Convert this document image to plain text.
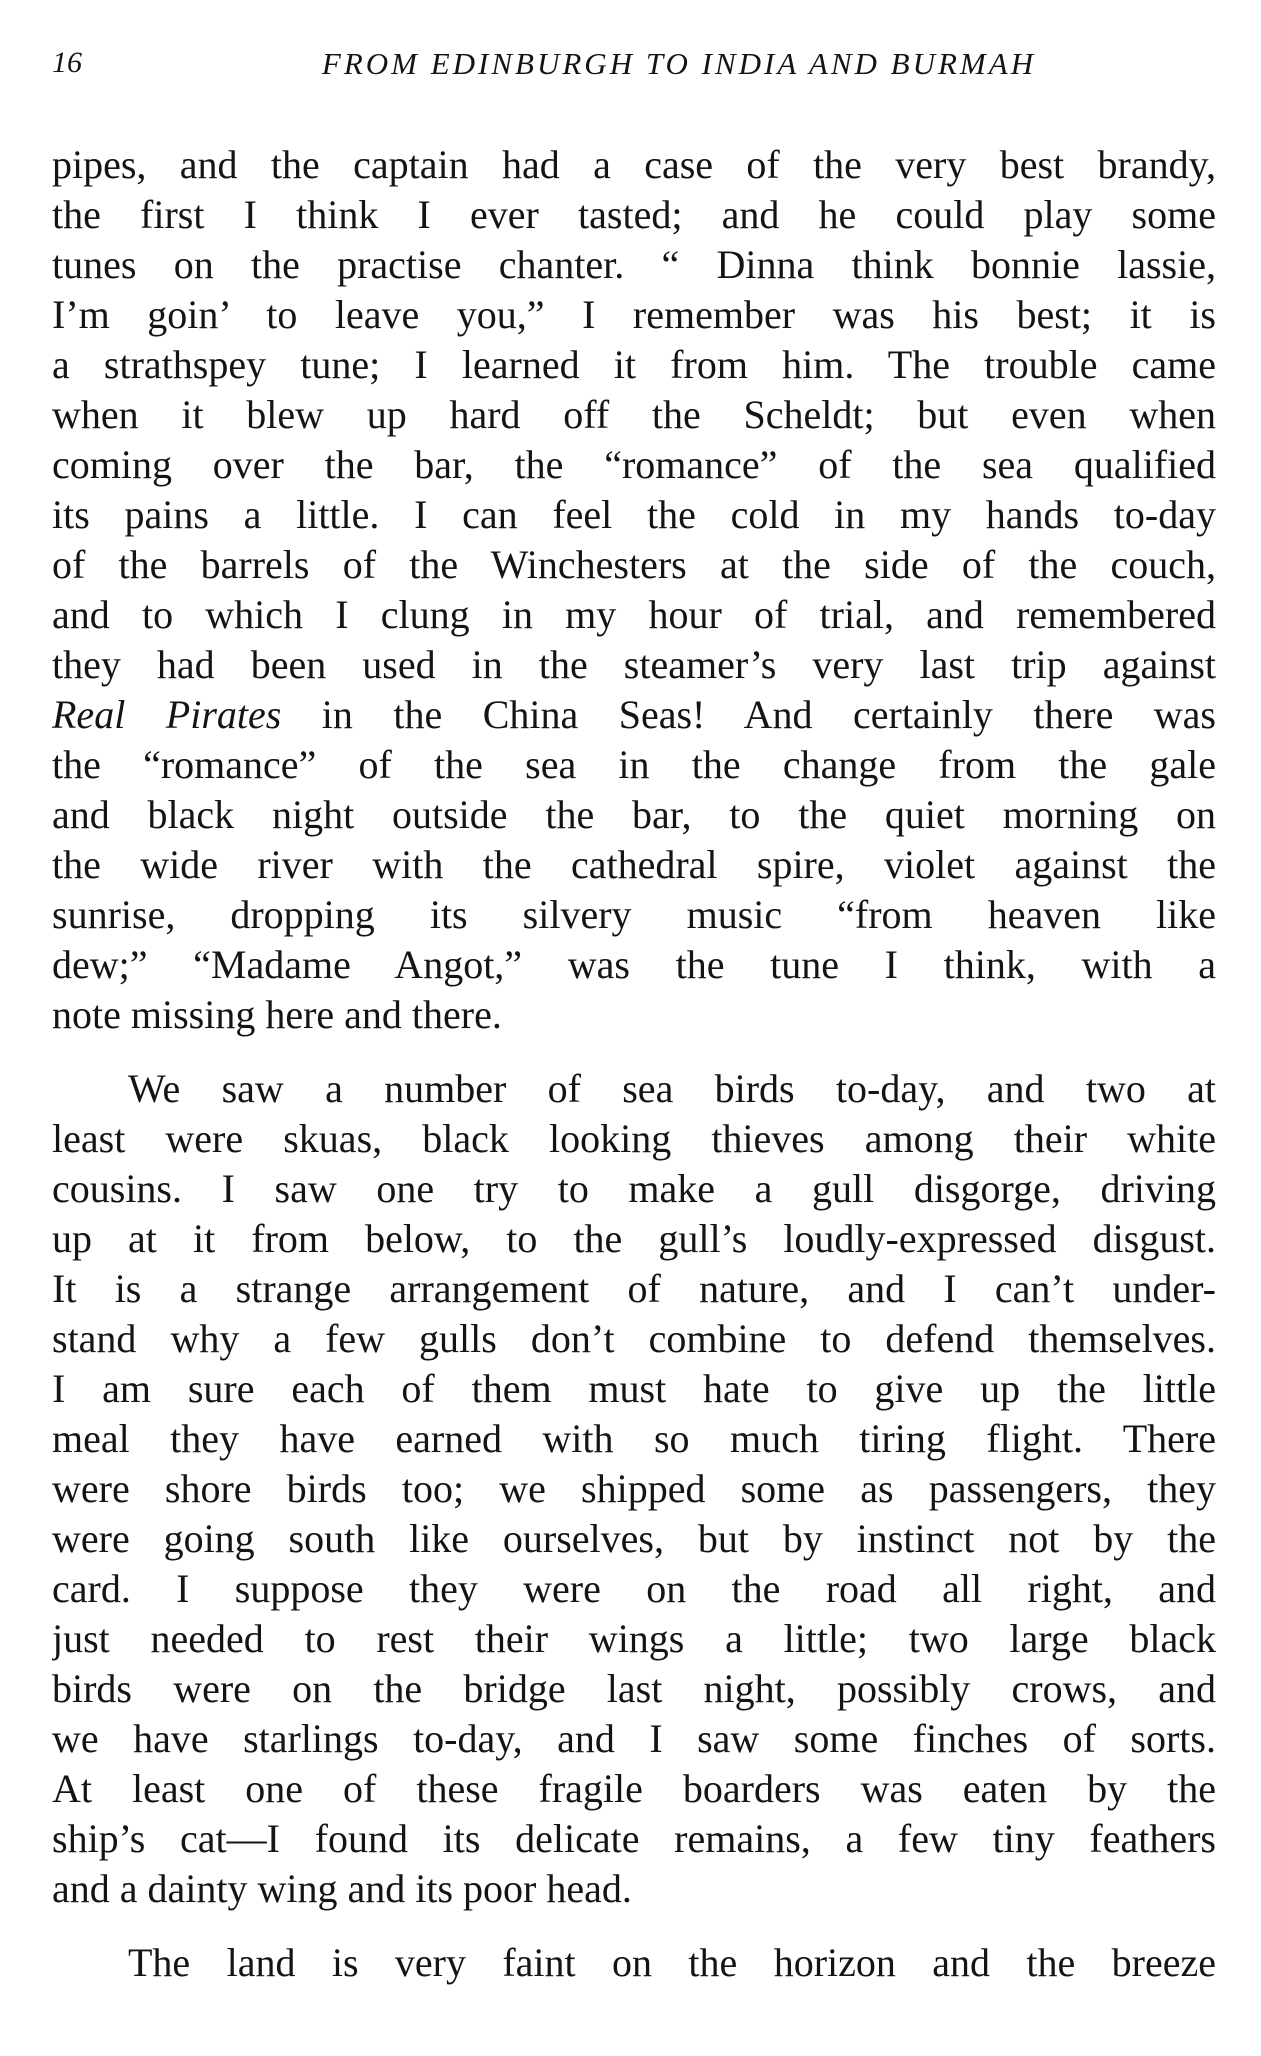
16	FROM EDINBURGH TO INDIA AND BURMAH
pipes, and the captain had a case of the very best brandy,
the first I think I ever tasted; and he could play some
tunes on the practise chanter. “ Dinna think bonnie lassie,
I’m goin’ to leave you,” I remember was his best; it is
a strathspey tune; I learned it from him. The trouble came
when it blew up hard off the Scheldt; but even when
coming over the bar, the “romance” of the sea qualified
its pains a little. I can feel the cold in my hands to-day
of the barrels of the Winchesters at the side of the couch,
and to which I clung in my hour of trial, and remembered
they had been used in the steamer’s very last trip against
Real Pirates in the China Seas! And certainly there was
the “romance” of the sea in the change from the gale
and black night outside the bar, to the quiet morning on
the wide river with the cathedral spire, violet against the
sunrise, dropping its silvery music “from heaven like
dew;” “Madame Angot,” was the tune I think, with a
note missing here and there.
We saw a number of sea birds to-day, and two at
least were skuas, black looking thieves among their white
cousins. I saw one try to make a gull disgorge, driving
up at it from below, to the gull’s loudly-expressed disgust.
It is a strange arrangement of nature, and I can’t under-
stand why a few gulls don’t combine to defend themselves.
I am sure each of them must hate to give up the little
meal they have earned with so much tiring flight. There
were shore birds too; we shipped some as passengers, they
were going south like ourselves, but by instinct not by the
card. I suppose they were on the road all right, and
just needed to rest their wings a little; two large black
birds were on the bridge last night, possibly crows, and
we have starlings to-day, and I saw some finches of sorts.
At least one of these fragile boarders was eaten by the
ship’s cat—I found its delicate remains, a few tiny feathers
and a dainty wing and its poor head.
The land is very faint on the horizon and the breeze
